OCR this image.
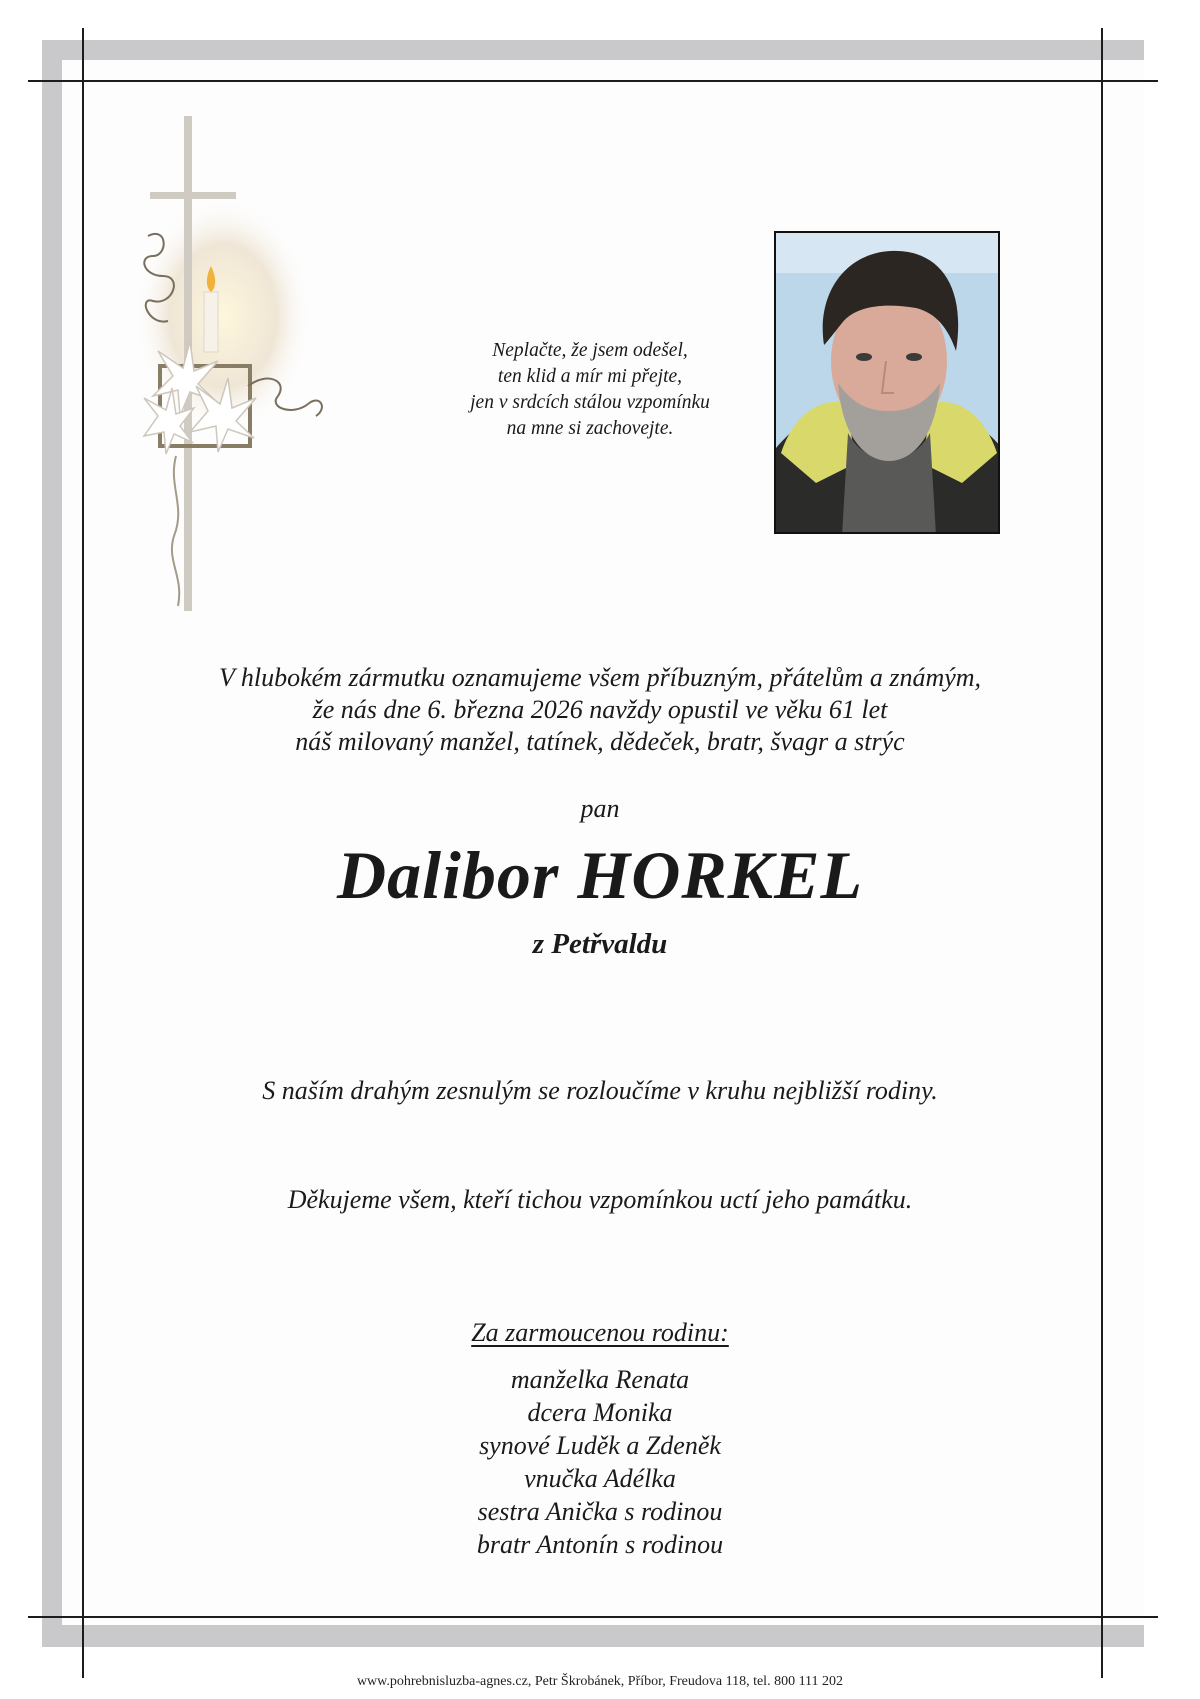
Neplačte, že jsem odešel,
ten klid a mír mi přejte,
jen v srdcích stálou vzpomínku
na mne si zachovejte.
V hlubokém zármutku oznamujeme všem příbuzným, přátelům a známým,
že nás dne 6. března 2026 navždy opustil ve věku 61 let
náš milovaný manžel, tatínek, dědeček, bratr, švagr a strýc
pan
Dalibor HORKEL
z Petřvaldu
S naším drahým zesnulým se rozloučíme v kruhu nejbližší rodiny.
Děkujeme všem, kteří tichou vzpomínkou uctí jeho památku.
Za zarmoucenou rodinu:
manželka Renata
dcera Monika
synové Luděk a Zdeněk
vnučka Adélka
sestra Anička s rodinou
bratr Antonín s rodinou
www.pohrebnisluzba-agnes.cz, Petr Škrobánek, Příbor, Freudova 118, tel. 800 111 202
